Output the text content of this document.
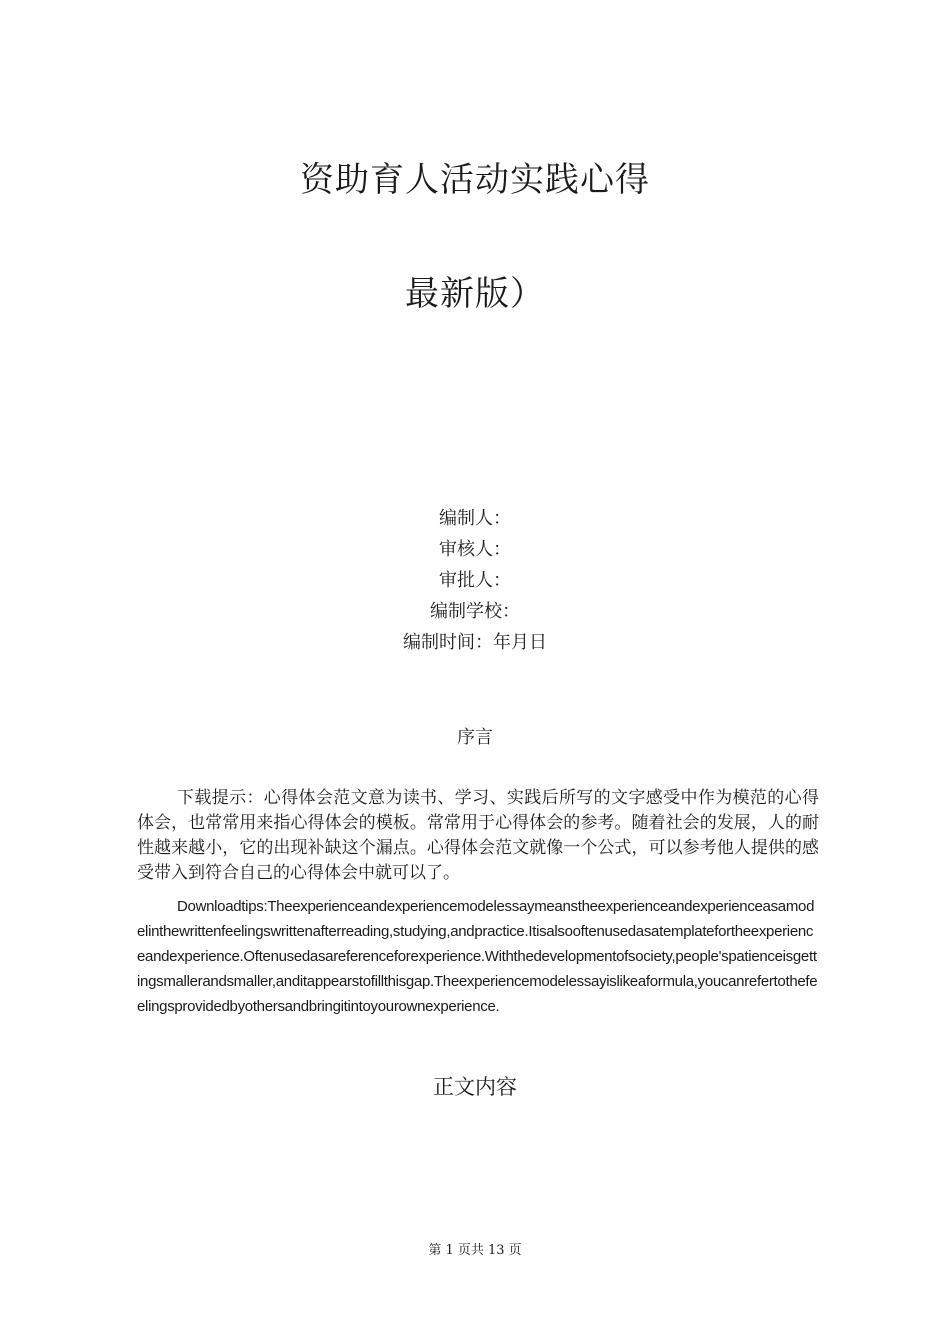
资助育人活动实践心得
最新版）
编制人：
审核人：
审批人：
编制学校：
编制时间：年月日
序言

下载提示：心得体会范文意为读书、学习、实践后所写的文字感受中作为模范的心得体会，也常常用来指心得体会的模板。常常用于心得体会的参考。随着社会的发展，人的耐性越来越小，它的出现补缺这个漏点。心得体会范文就像一个公式，可以参考他人提供的感受带入到符合自己的心得体会中就可以了。

Downloadtips:Theexperienceandexperiencemodelessaymeanstheexperienceandexperienceasamodelinthewrittenfeelingswrittenafterreading,studying,andpractice.Itisalsooftenusedasatemplatefortheexperienceandexperience.Oftenusedasareferenceforexperience.Withthedevelopmentofsociety,people'spatienceisgettingsmallerandsmaller,anditappearstofillthisgap.Theexperiencemodelessayislikeaformula,youcanrefertothefeelingsprovidedbyothersandbringitintoyourownexperience.

正文内容
第 1 页共 13 页
